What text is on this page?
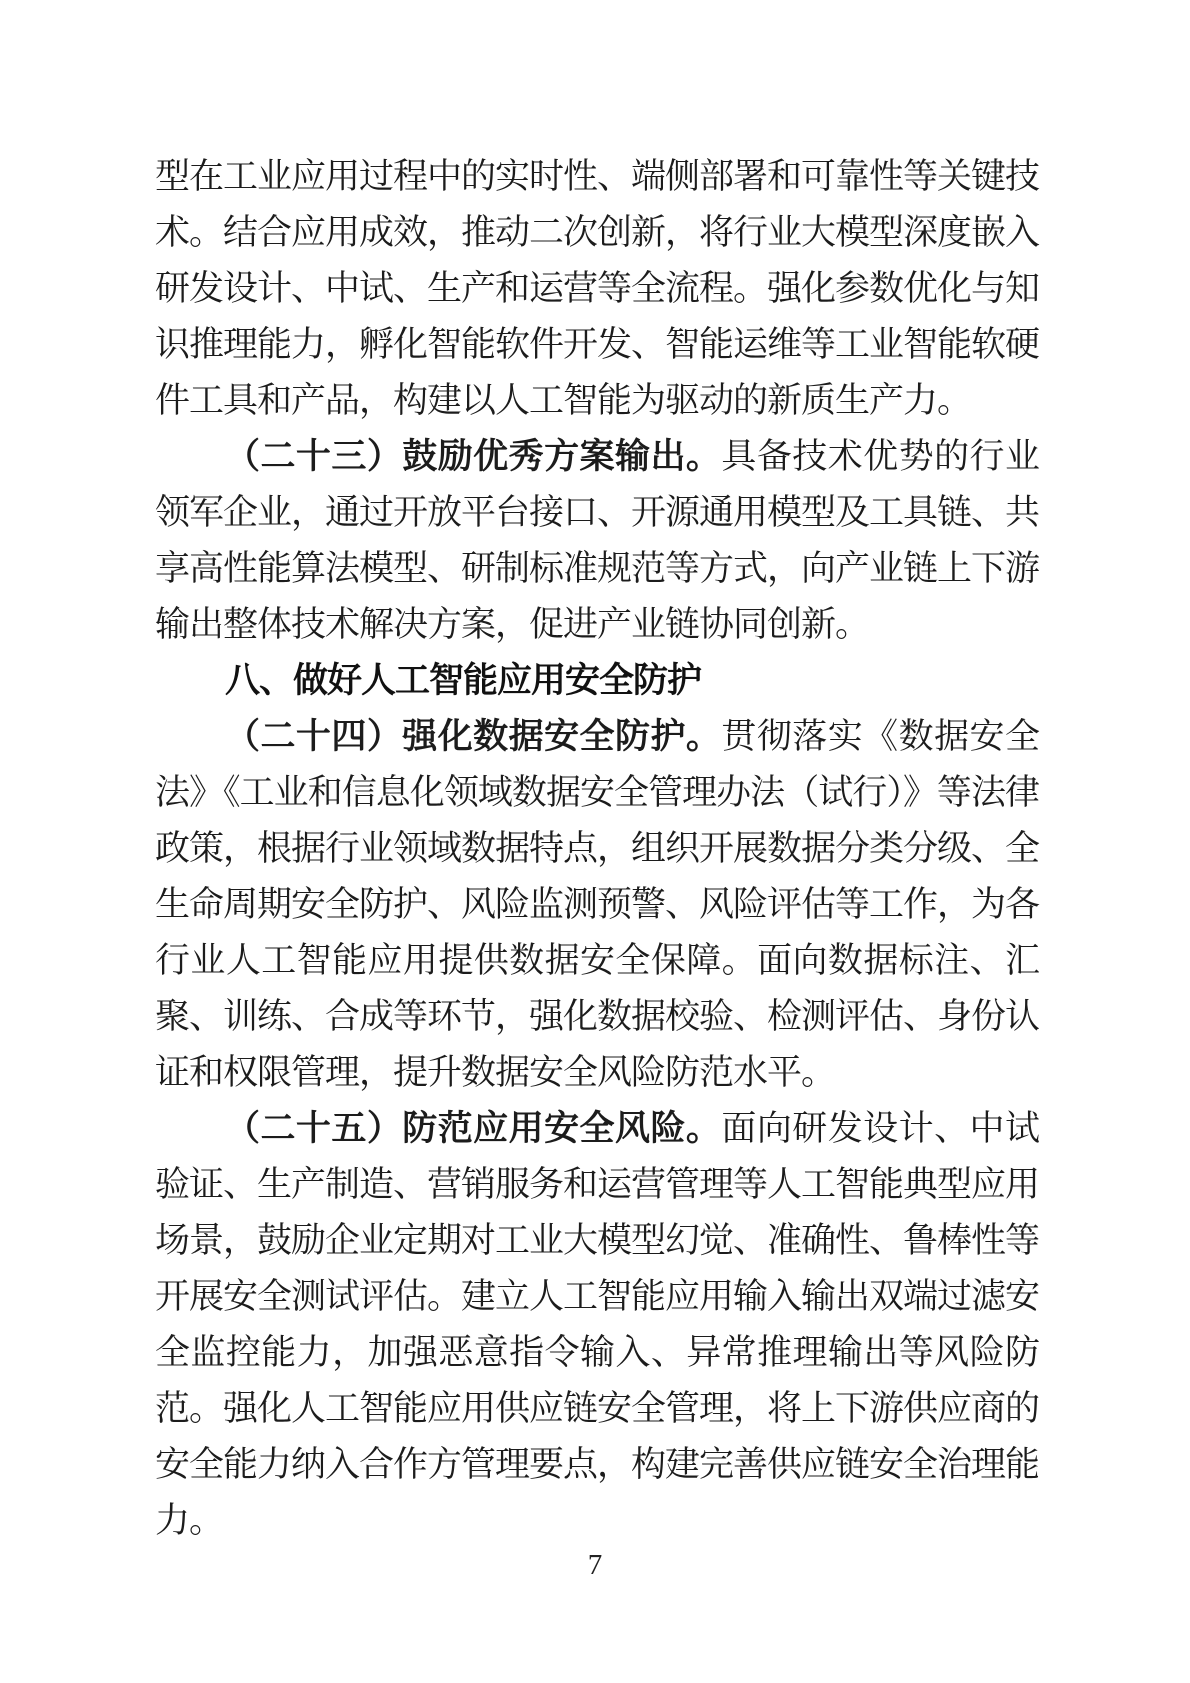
型在工业应用过程中的实时性、端侧部署和可靠性等关键技术。结合应用成效，推动二次创新，将行业大模型深度嵌入研发设计、中试、生产和运营等全流程。强化参数优化与知识推理能力，孵化智能软件开发、智能运维等工业智能软硬件工具和产品，构建以人工智能为驱动的新质生产力。

（二十三）鼓励优秀方案输出。具备技术优势的行业领军企业，通过开放平台接口、开源通用模型及工具链、共享高性能算法模型、研制标准规范等方式，向产业链上下游输出整体技术解决方案，促进产业链协同创新。

八、做好人工智能应用安全防护

（二十四）强化数据安全防护。贯彻落实《数据安全法》《工业和信息化领域数据安全管理办法（试行）》等法律政策，根据行业领域数据特点，组织开展数据分类分级、全生命周期安全防护、风险监测预警、风险评估等工作，为各行业人工智能应用提供数据安全保障。面向数据标注、汇聚、训练、合成等环节，强化数据校验、检测评估、身份认证和权限管理，提升数据安全风险防范水平。

（二十五）防范应用安全风险。面向研发设计、中试验证、生产制造、营销服务和运营管理等人工智能典型应用场景，鼓励企业定期对工业大模型幻觉、准确性、鲁棒性等开展安全测试评估。建立人工智能应用输入输出双端过滤安全监控能力，加强恶意指令输入、异常推理输出等风险防范。强化人工智能应用供应链安全管理，将上下游供应商的安全能力纳入合作方管理要点，构建完善供应链安全治理能力。

7
